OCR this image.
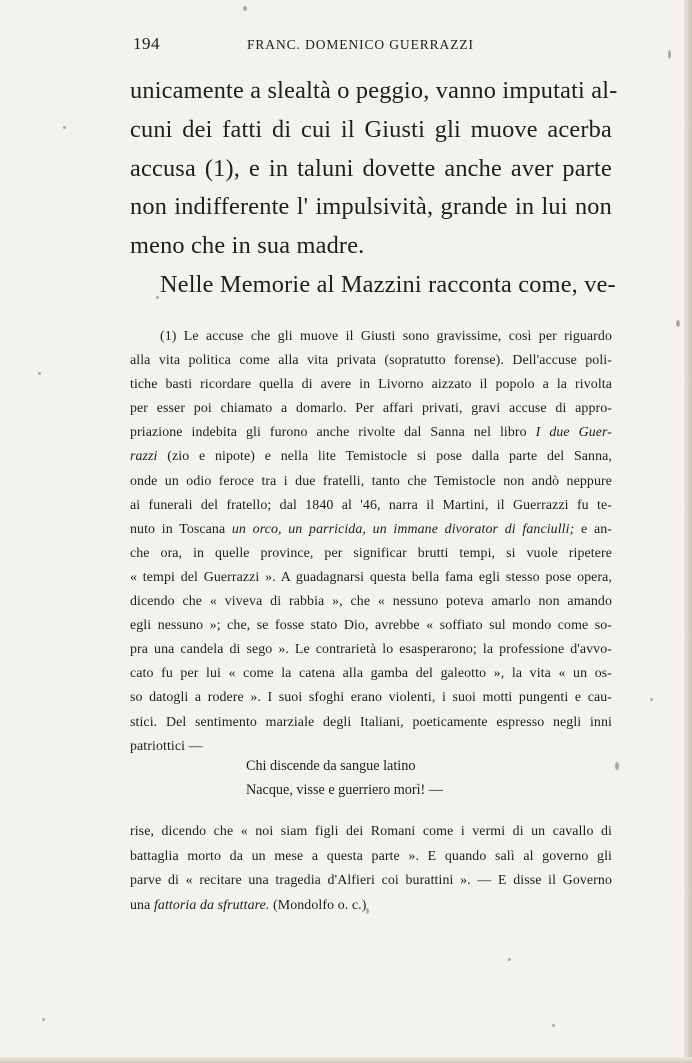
194	FRANC. DOMENICO GUERRAZZI
unicamente a slealtà o peggio, vanno imputati al-
cuni dei fatti di cui il Giusti gli muove acerba
accusa (1), e in taluni dovette anche aver parte
non indifferente l' impulsività, grande in lui non
meno che in sua madre.
Nelle Memorie al Mazzini racconta come, ve-
(1) Le accuse che gli muove il Giusti sono gravissime, così per riguardo
alla vita politica come alla vita privata (sopratutto forense). Dell'accuse poli-
tiche basti ricordare quella di avere in Livorno aizzato il popolo a la rivolta
per esser poi chiamato a domarlo. Per affari privati, gravi accuse di appro-
priazione indebita gli furono anche rivolte dal Sanna nel libro I due Guer-
razzi (zio e nipote) e nella lite Temistocle si pose dalla parte del Sanna,
onde un odio feroce tra i due fratelli, tanto che Temistocle non andò neppure
ai funerali del fratello; dal 1840 al '46, narra il Martini, il Guerrazzi fu te-
nuto in Toscana un orco, un parricida, un immane divorator di fanciulli; e an-
che ora, in quelle province, per significar brutti tempi, si vuole ripetere
« tempi del Guerrazzi ». A guadagnarsi questa bella fama egli stesso pose opera,
dicendo che « viveva di rabbia », che « nessuno poteva amarlo non amando
egli nessuno »; che, se fosse stato Dio, avrebbe « soffiato sul mondo come so-
pra una candela di sego ». Le contrarietà lo esasperarono; la professione d'avvo-
cato fu per lui « come la catena alla gamba del galeotto », la vita « un os-
so datogli a rodere ». I suoi sfoghi erano violenti, i suoi motti pungenti e cau-
stici. Del sentimento marziale degli Italiani, poeticamente espresso negli inni
patriottici —
Chi discende da sangue latino
Nacque, visse e guerriero morì! —
rise, dicendo che « noi siam figli dei Romani come i vermi di un cavallo di
battaglia morto da un mese a questa parte ». E quando salì al governo gli
parve di « recitare una tragedia d'Alfieri coi burattini ». — E disse il Governo
una fattoria da sfruttare. (Mondolfo o. c.)
